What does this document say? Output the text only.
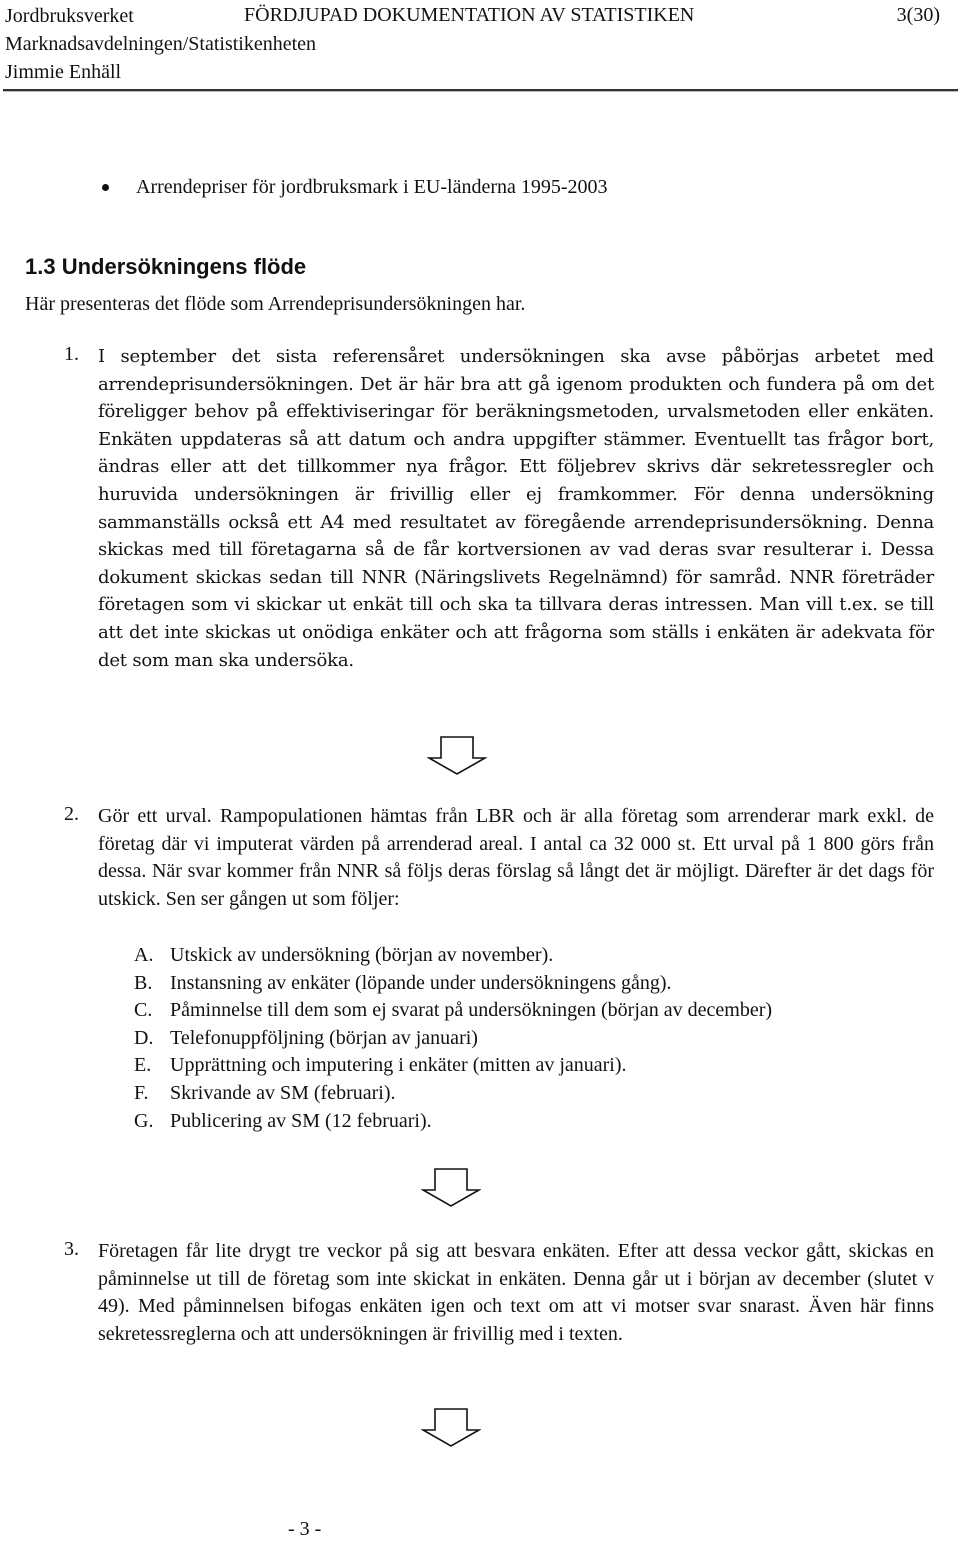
Jordbruksverket
Marknadsavdelningen/Statistikenheten
Jimmie Enhäll
FÖRDJUPAD DOKUMENTATION AV STATISTIKEN	3(30)
Arrendepriser för jordbruksmark i EU-länderna 1995-2003
1.3 Undersökningens flöde
Här presenteras det flöde som Arrendeprisundersökningen har.
1. I september det sista referensåret undersökningen ska avse påbörjas arbetet med arrendeprisundersökningen. Det är här bra att gå igenom produkten och fundera på om det föreligger behov på effektiviseringar för beräkningsmetoden, urvalsmetoden eller enkäten. Enkäten uppdateras så att datum och andra uppgifter stämmer. Eventuellt tas frågor bort, ändras eller att det tillkommer nya frågor. Ett följebrev skrivs där sekretessregler och huruvida undersökningen är frivillig eller ej framkommer. För denna undersökning sammanställs också ett A4 med resultatet av föregående arrendeprisundersökning. Denna skickas med till företagarna så de får kortversionen av vad deras svar resulterar i. Dessa dokument skickas sedan till NNR (Näringslivets Regelnämnd) för samråd. NNR företräder företagen som vi skickar ut enkät till och ska ta tillvara deras intressen. Man vill t.ex. se till att det inte skickas ut onödiga enkäter och att frågorna som ställs i enkäten är adekvata för det som man ska undersöka.
2. Gör ett urval. Rampopulationen hämtas från LBR och är alla företag som arrenderar mark exkl. de företag där vi imputerat värden på arrenderad areal. I antal ca 32 000 st. Ett urval på 1 800 görs från dessa. När svar kommer från NNR så följs deras förslag så långt det är möjligt. Därefter är det dags för utskick. Sen ser gången ut som följer:
A. Utskick av undersökning (början av november).
B. Instansning av enkäter (löpande under undersökningens gång).
C. Påminnelse till dem som ej svarat på undersökningen (början av december)
D. Telefonuppföljning (början av januari)
E. Upprättning och imputering i enkäter (mitten av januari).
F. Skrivande av SM (februari).
G. Publicering av SM (12 februari).
3. Företagen får lite drygt tre veckor på sig att besvara enkäten. Efter att dessa veckor gått, skickas en påminnelse ut till de företag som inte skickat in enkäten. Denna går ut i början av december (slutet v 49). Med påminnelsen bifogas enkäten igen och text om att vi motser svar snarast. Även här finns sekretessreglerna och att undersökningen är frivillig med i texten.
- 3 -
